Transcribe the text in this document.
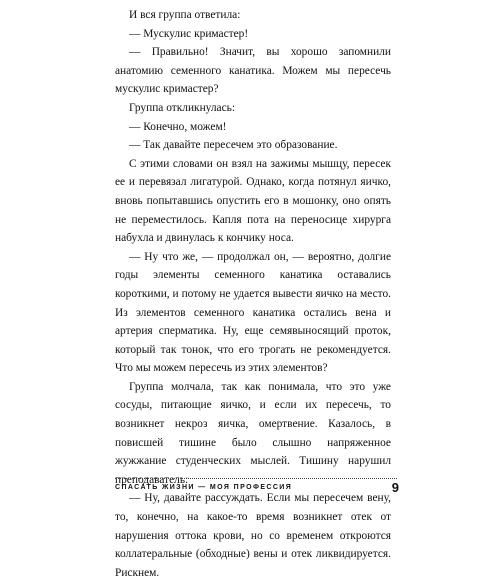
И вся группа ответила:

— Мускулис кримастер!

— Правильно! Значит, вы хорошо запомнили анатомию семенного канатика. Можем мы пересечь мускулис кримастер?

Группа откликнулась:

— Конечно, можем!

— Так давайте пересечем это образование.

С этими словами он взял на зажимы мышцу, пересек ее и перевязал лигатурой. Однако, когда потянул яичко, вновь попытавшись опустить его в мошонку, оно опять не переместилось. Капля пота на переносице хирурга набухла и двинулась к кончику носа.

— Ну что же, — продолжал он, — вероятно, долгие годы элементы семенного канатика оставались короткими, и потому не удается вывести яичко на место. Из элементов семенного канатика остались вена и артерия сперматика. Ну, еще семявыносящий проток, который так тонок, что его трогать не рекомендуется. Что мы можем пересечь из этих элементов?

Группа молчала, так как понимала, что это уже сосуды, питающие яичко, и если их пересечь, то возникнет некроз яичка, омертвение. Казалось, в повисшей тишине было слышно напряженное жужжание студенческих мыслей. Тишину нарушил преподаватель:

— Ну, давайте рассуждать. Если мы пересечем вену, то, конечно, на какое-то время возникнет отек от нарушения оттока крови, но со временем откроются коллатеральные (обходные) вены и отек ликвидируется. Рискнем.

СПАСАТЬ ЖИЗНИ — МОЯ ПРОФЕССИЯ	9
